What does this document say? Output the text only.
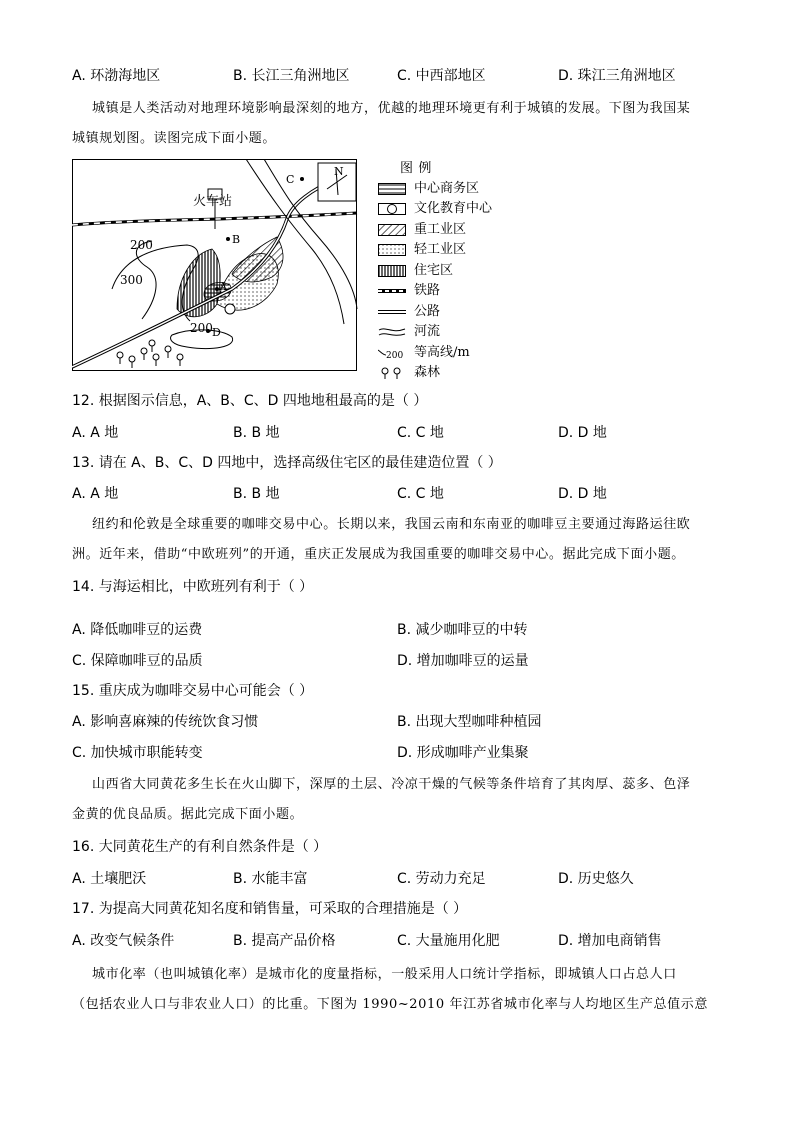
A. 环渤海地区	B. 长江三角洲地区	C. 中西部地区	D. 珠江三角洲地区
城镇是人类活动对地理环境影响最深刻的地方，优越的地理环境更有利于城镇的发展。下图为我国某
城镇规划图。读图完成下面小题。
火车站
N
200
300
200
A
B
C
D
图 例
中心商务区
文化教育中心
重工业区
轻工业区
住宅区
铁路
公路
河流
200 等高线/m
森林
12. 根据图示信息，A、B、C、D 四地地租最高的是（ ）
A. A 地	B. B 地	C. C 地	D. D 地
13. 请在 A、B、C、D 四地中，选择高级住宅区的最佳建造位置（ ）
A. A 地	B. B 地	C. C 地	D. D 地
纽约和伦敦是全球重要的咖啡交易中心。长期以来，我国云南和东南亚的咖啡豆主要通过海路运往欧
洲。近年来，借助“中欧班列”的开通，重庆正发展成为我国重要的咖啡交易中心。据此完成下面小题。
14. 与海运相比，中欧班列有利于（ ）
A. 降低咖啡豆的运费	B. 减少咖啡豆的中转
C. 保障咖啡豆的品质	D. 增加咖啡豆的运量
15. 重庆成为咖啡交易中心可能会（ ）
A. 影响喜麻辣的传统饮食习惯	B. 出现大型咖啡种植园
C. 加快城市职能转变	D. 形成咖啡产业集聚
山西省大同黄花多生长在火山脚下，深厚的土层、冷凉干燥的气候等条件培育了其肉厚、蕊多、色泽
金黄的优良品质。据此完成下面小题。
16. 大同黄花生产的有利自然条件是（ ）
A. 土壤肥沃	B. 水能丰富	C. 劳动力充足	D. 历史悠久
17. 为提高大同黄花知名度和销售量，可采取的合理措施是（ ）
A. 改变气候条件	B. 提高产品价格	C. 大量施用化肥	D. 增加电商销售
城市化率（也叫城镇化率）是城市化的度量指标，一般采用人口统计学指标，即城镇人口占总人口
（包括农业人口与非农业人口）的比重。下图为 1990~2010 年江苏省城市化率与人均地区生产总值示意
